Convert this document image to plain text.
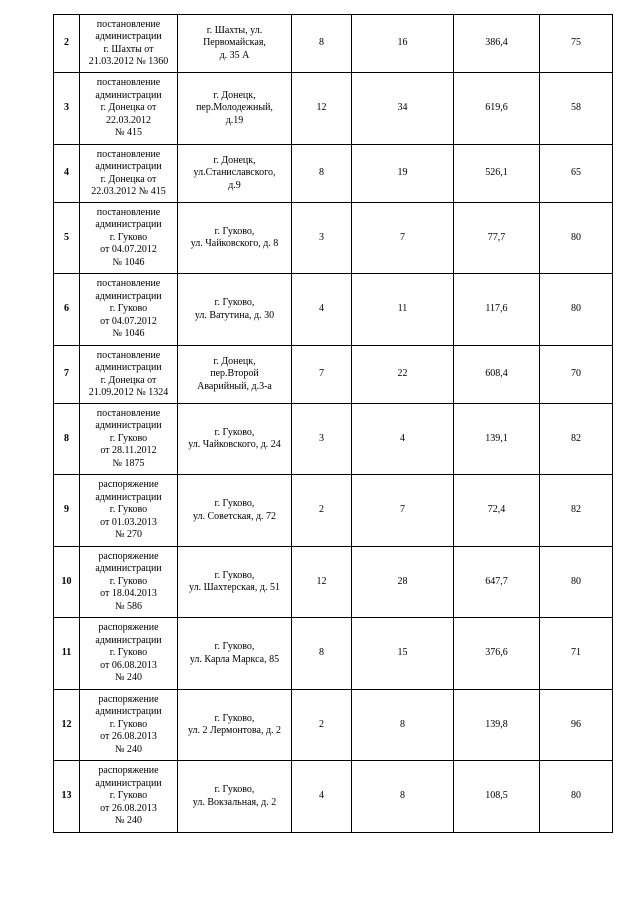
2	постановление
администрации
г. Шахты от
21.03.2012 № 1360	г. Шахты, ул.
Первомайская,
д. 35 А	8	16	386,4	75
3	постановление
администрации
г. Донецка от
22.03.2012
№ 415	г. Донецк,
пер.Молодежный,
д.19	12	34	619,6	58
4	постановление
администрации
г. Донецка от
22.03.2012 № 415	г. Донецк,
ул.Станиславского,
д.9	8	19	526,1	65
5	постановление
администрации
г. Гуково
от 04.07.2012
№ 1046	г. Гуково,
ул. Чайковского, д. 8	3	7	77,7	80
6	постановление
администрации
г. Гуково
от 04.07.2012
№ 1046	г. Гуково,
ул. Ватутина, д. 30	4	11	117,6	80
7	постановление
администрации
г. Донецка от
21.09.2012 № 1324	г. Донецк,
пер.Второй
Аварийный, д.3-а	7	22	608,4	70
8	постановление
администрации
г. Гуково
от 28.11.2012
№ 1875	г. Гуково,
ул. Чайковского, д. 24	3	4	139,1	82
9	распоряжение
администрации
г. Гуково
от 01.03.2013
№ 270	г. Гуково,
ул. Советская, д. 72	2	7	72,4	82
10	распоряжение
администрации
г. Гуково
от 18.04.2013
№ 586	г. Гуково,
ул. Шахтерская, д. 51	12	28	647,7	80
11	распоряжение
администрации
г. Гуково
от 06.08.2013
№ 240	г. Гуково,
ул. Карла Маркса, 85	8	15	376,6	71
12	распоряжение
администрации
г. Гуково
от 26.08.2013
№ 240	г. Гуково,
ул. 2 Лермонтова, д. 2	2	8	139,8	96
13	распоряжение
администрации
г. Гуково
от 26.08.2013
№ 240	г. Гуково,
ул. Вокзальная, д. 2	4	8	108,5	80
